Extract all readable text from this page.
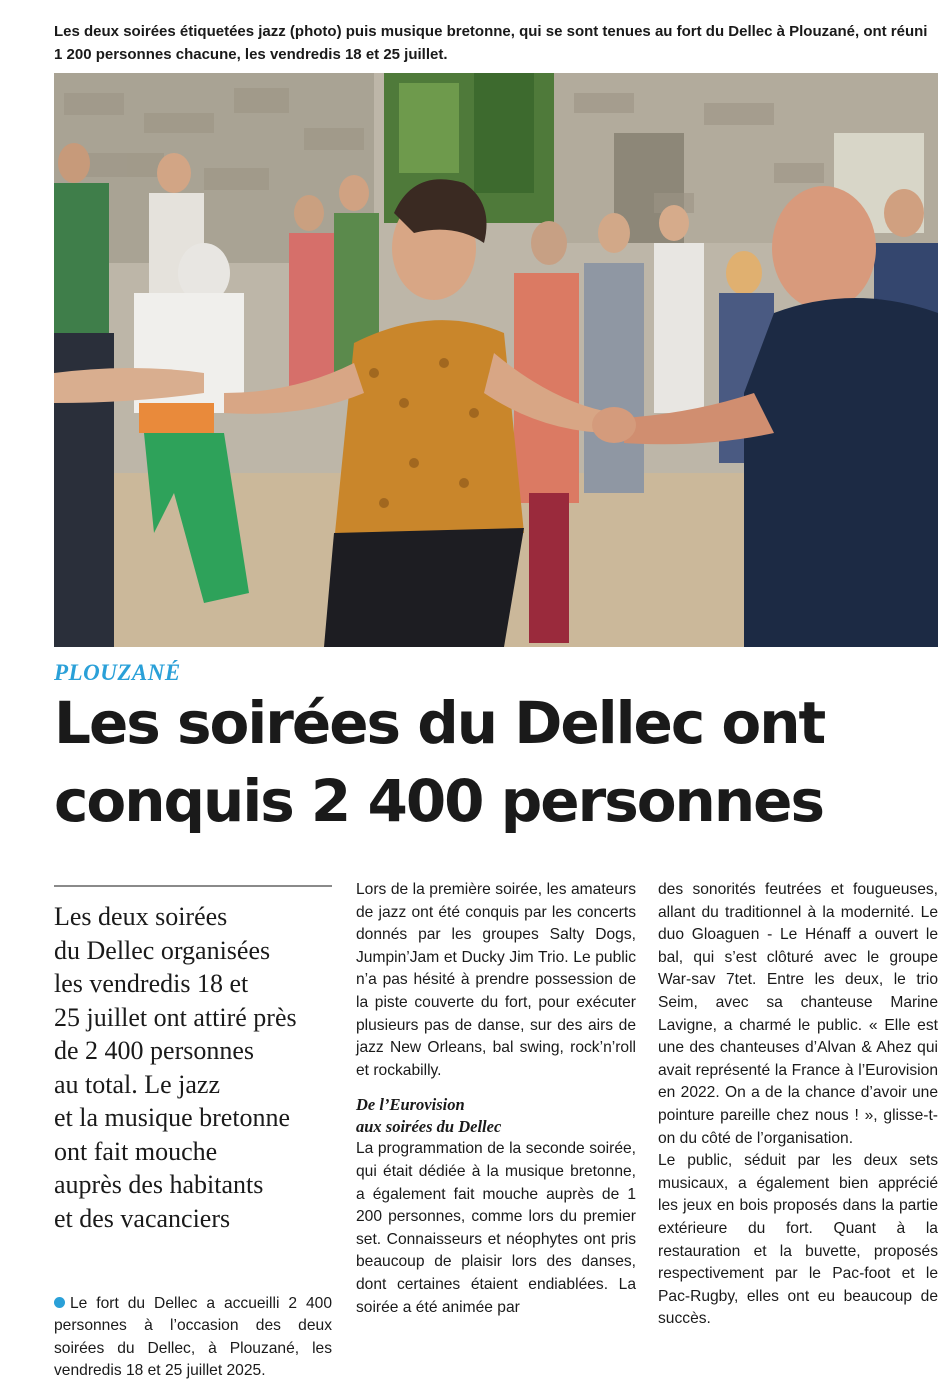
Les deux soirées étiquetées jazz (photo) puis musique bretonne, qui se sont tenues au fort du Dellec à Plouzané, ont réuni 1 200 personnes chacune, les vendredis 18 et 25 juillet.
PLOUZANÉ
Les soirées du Dellec ont
conquis 2 400 personnes
Les deux soirées
du Dellec organisées
les vendredis 18 et
25 juillet ont attiré près
de 2 400 personnes
au total. Le jazz
et la musique bretonne
ont fait mouche
auprès des habitants
et des vacanciers
Le fort du Dellec a accueilli 2 400 personnes à l’occasion des deux soirées du Dellec, à Plouzané, les vendredis 18 et 25 juillet 2025.

Lors de la première soirée, les amateurs de jazz ont été conquis par les concerts donnés par les groupes Salty Dogs, Jumpin’Jam et Ducky Jim Trio. Le public n’a pas hésité à prendre possession de la piste couverte du fort, pour exécuter plusieurs pas de danse, sur des airs de jazz New Orleans, bal swing, rock’n’roll et rockabilly.

De l’Eurovision
aux soirées du Dellec

La programmation de la seconde soirée, qui était dédiée à la musique bretonne, a également fait mouche auprès de 1 200 personnes, comme lors du premier set. Connaisseurs et néophytes ont pris beaucoup de plaisir lors des danses, dont certaines étaient endiablées. La soirée a été animée par

des sonorités feutrées et fougueuses, allant du traditionnel à la modernité. Le duo Gloaguen - Le Hénaff a ouvert le bal, qui s’est clôturé avec le groupe War-sav 7tet. Entre les deux, le trio Seim, avec sa chanteuse Marine Lavigne, a charmé le public. « Elle est une des chanteuses d’Alvan & Ahez qui avait représenté la France à l’Eurovision en 2022. On a de la chance d’avoir une pointure pareille chez nous ! », glisse-t-on du côté de l’organisation.

Le public, séduit par les deux sets musicaux, a également bien apprécié les jeux en bois proposés dans la partie extérieure du fort. Quant à la restauration et la buvette, proposés respectivement par le Pac-foot et le Pac-Rugby, elles ont eu beaucoup de succès.
